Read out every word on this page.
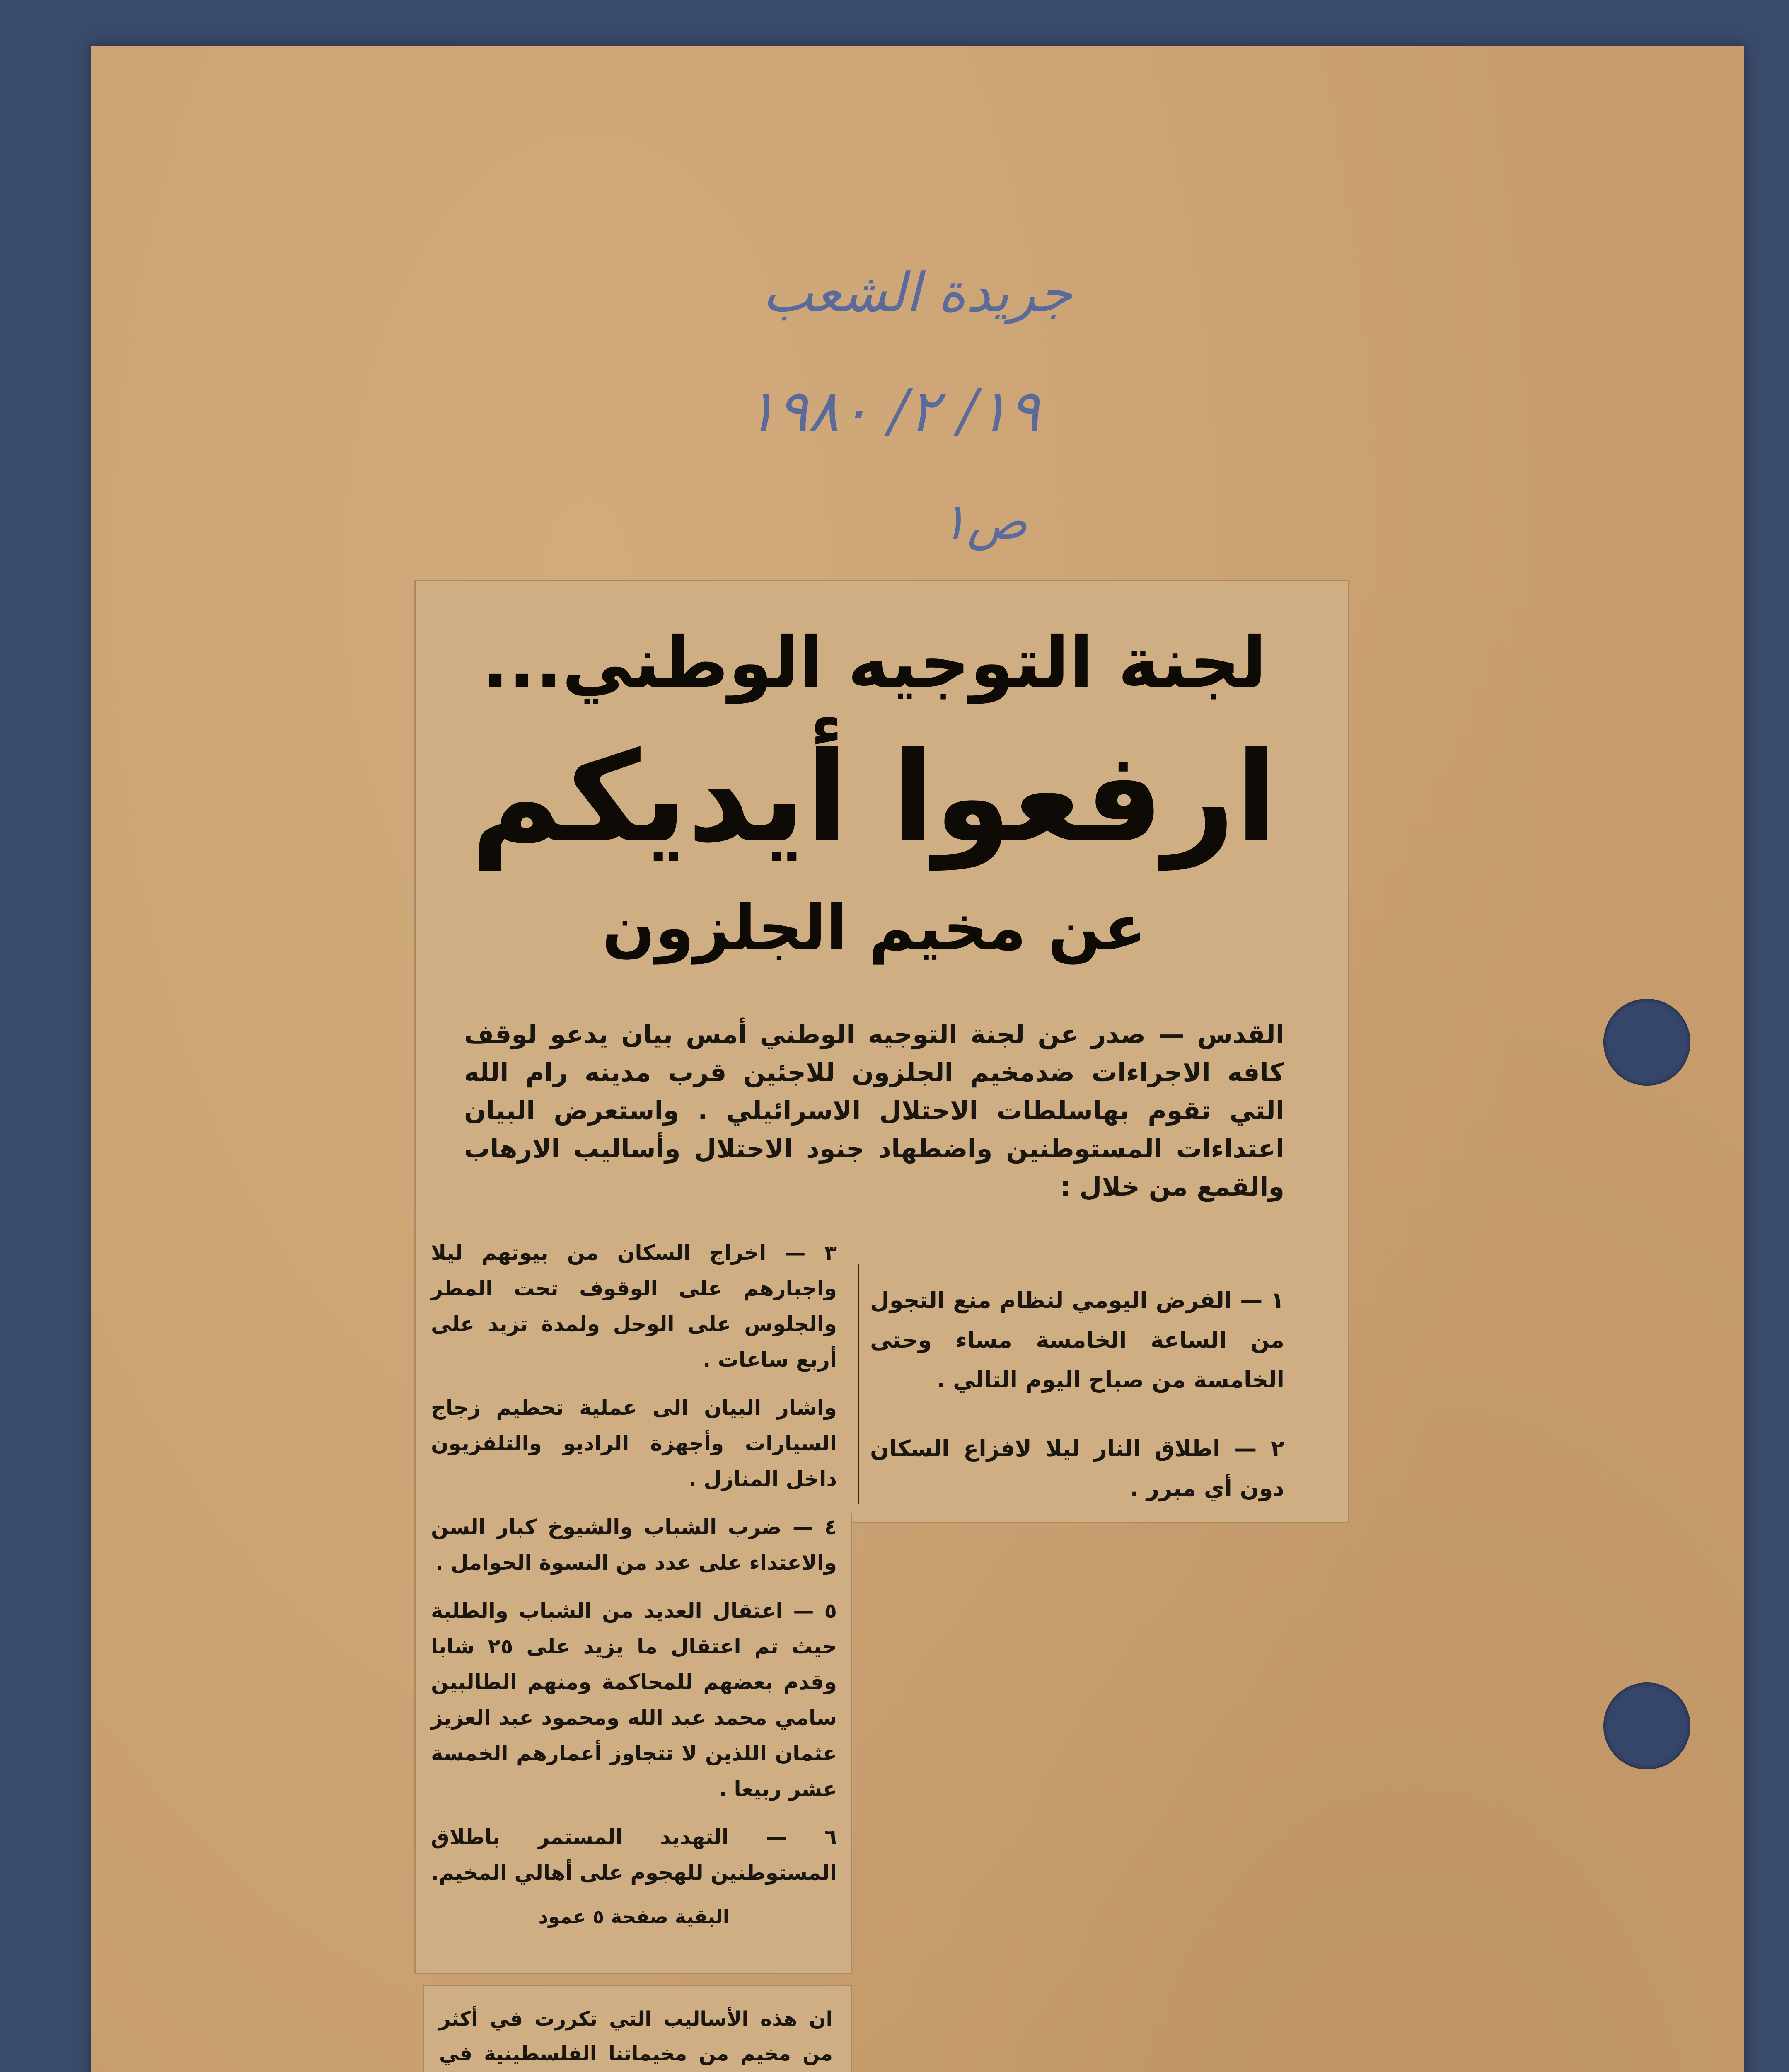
جريدة الشعب
١٩/ ٢/ ١٩٨٠
ص١
لجنة التوجيه الوطني...
ارفعوا أيديكم
عن مخيم الجلزون
القدس — صدر عن لجنة التوجيه الوطني أمس بيان يدعو لوقف كافه الاجراءات ضدمخيم الجلزون للاجئين قرب مدينه رام الله التي تقوم بهاسلطات الاحتلال الاسرائيلي . واستعرض البيان اعتداءات المستوطنين واضطهاد جنود الاحتلال وأساليب الارهاب والقمع من خلال :

١ — الفرض اليومي لنظام منع التجول من الساعة الخامسة مساء وحتى الخامسة من صباح اليوم التالي .

٢ — اطلاق النار ليلا لافزاع السكان دون أي مبرر .

٣ — اخراج السكان من بيوتهم ليلا واجبارهم على الوقوف تحت المطر والجلوس على الوحل ولمدة تزيد على أربع ساعات .

واشار البيان الى عملية تحطيم زجاج السيارات وأجهزة الراديو والتلفزيون داخل المنازل .

٤ — ضرب الشباب والشيوخ كبار السن والاعتداء على عدد من النسوة الحوامل .

٥ — اعتقال العديد من الشباب والطلبة حيث تم اعتقال ما يزيد على ٢٥ شابا وقدم بعضهم للمحاكمة ومنهم الطالبين سامي محمد عبد الله ومحمود عبد العزيز عثمان اللذين لا تتجاوز أعمارهم الخمسة عشر ربيعا .

٦ — التهديد المستمر باطلاق المستوطنين للهجوم على أهالي المخيم.

البقية صفحة ٥ عمود

ان هذه الأساليب التي تكررت في أكثر من مخيم من مخيماتنا الفلسطينية في
